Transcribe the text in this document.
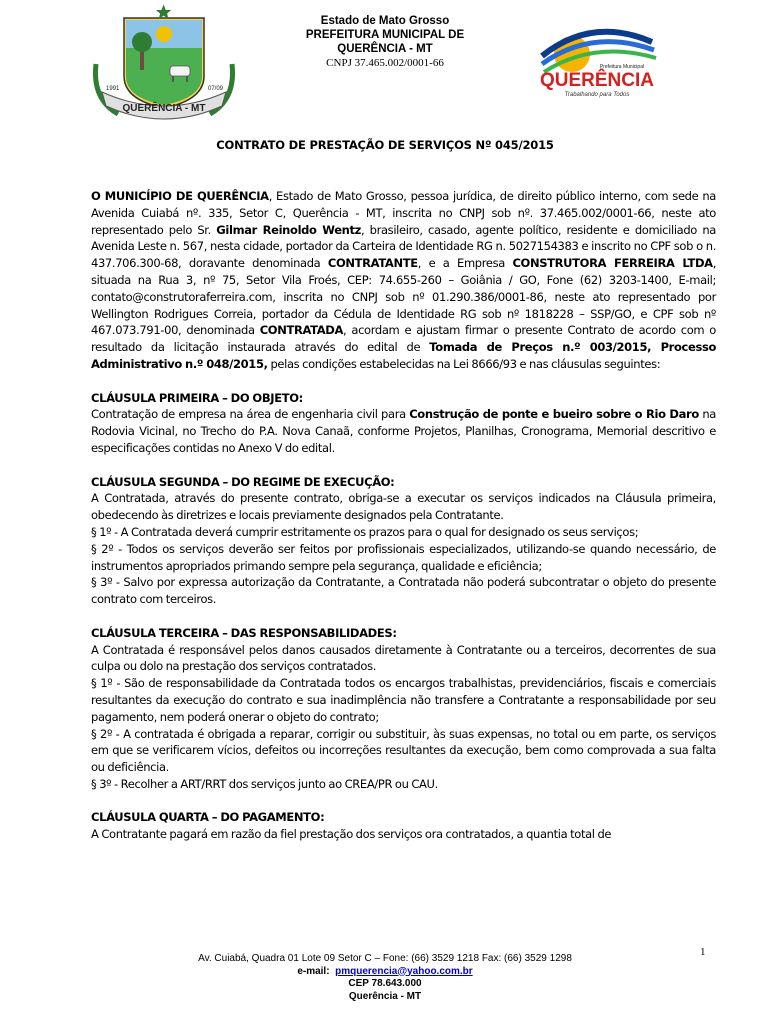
QUERÊNCIA - MT
1991	07/09
Estado de Mato Grosso
PREFEITURA MUNICIPAL DE
QUERÊNCIA - MT
CNPJ 37.465.002/0001-66	Prefeitura Municipal
QUERÊNCIA
Trabalhando para Todos
CONTRATO DE PRESTAÇÃO DE SERVIÇOS Nº 045/2015

O MUNICÍPIO DE QUERÊNCIA, Estado de Mato Grosso, pessoa jurídica, de direito público interno, com sede na Avenida Cuiabá nº. 335, Setor C, Querência - MT, inscrita no CNPJ sob nº. 37.465.002/0001-66, neste ato representado pelo Sr. Gilmar Reinoldo Wentz, brasileiro, casado, agente político, residente e domiciliado na Avenida Leste n. 567, nesta cidade, portador da Carteira de Identidade RG n. 5027154383 e inscrito no CPF sob o n. 437.706.300-68, doravante denominada CONTRATANTE, e a Empresa CONSTRUTORA FERREIRA LTDA, situada na Rua 3, nº 75, Setor Vila Froés, CEP: 74.655-260 – Goiânia / GO, Fone (62) 3203-1400, E-mail; contato@construtoraferreira.com, inscrita no CNPJ sob nº 01.290.386/0001-86, neste ato representado por Wellington Rodrigues Correia, portador da Cédula de Identidade RG sob nº 1818228 – SSP/GO, e CPF sob nº 467.073.791-00, denominada CONTRATADA, acordam e ajustam firmar o presente Contrato de acordo com o resultado da licitação instaurada através do edital de Tomada de Preços n.º 003/2015, Processo Administrativo n.º 048/2015, pelas condições estabelecidas na Lei 8666/93 e nas cláusulas seguintes:

CLÁUSULA PRIMEIRA – DO OBJETO:

Contratação de empresa na área de engenharia civil para Construção de ponte e bueiro sobre o Rio Daro na Rodovia Vicinal, no Trecho do P.A. Nova Canaã, conforme Projetos, Planilhas, Cronograma, Memorial descritivo e especificações contidas no Anexo V do edital.

CLÁUSULA SEGUNDA – DO REGIME DE EXECUÇÃO:

A Contratada, através do presente contrato, obriga-se a executar os serviços indicados na Cláusula primeira, obedecendo às diretrizes e locais previamente designados pela Contratante.

§ 1º - A Contratada deverá cumprir estritamente os prazos para o qual for designado os seus serviços;

§ 2º - Todos os serviços deverão ser feitos por profissionais especializados, utilizando-se quando necessário, de instrumentos apropriados primando sempre pela segurança, qualidade e eficiência;

§ 3º - Salvo por expressa autorização da Contratante, a Contratada não poderá subcontratar o objeto do presente contrato com terceiros.

CLÁUSULA TERCEIRA – DAS RESPONSABILIDADES:

A Contratada é responsável pelos danos causados diretamente à Contratante ou a terceiros, decorrentes de sua culpa ou dolo na prestação dos serviços contratados.

§ 1º - São de responsabilidade da Contratada todos os encargos trabalhistas, previdenciários, fiscais e comerciais resultantes da execução do contrato e sua inadimplência não transfere a Contratante a responsabilidade por seu pagamento, nem poderá onerar o objeto do contrato;

§ 2º - A contratada é obrigada a reparar, corrigir ou substituir, às suas expensas, no total ou em parte, os serviços em que se verificarem vícios, defeitos ou incorreções resultantes da execução, bem como comprovada a sua falta ou deficiência.

§ 3º - Recolher a ART/RRT dos serviços junto ao CREA/PR ou CAU.

CLÁUSULA QUARTA – DO PAGAMENTO:

A Contratante pagará em razão da fiel prestação dos serviços ora contratados, a quantia total de

1
Av. Cuiabá, Quadra 01 Lote 09 Setor C – Fone: (66) 3529 1218 Fax: (66) 3529 1298
e-mail: pmquerencia@yahoo.com.br
CEP 78.643.000
Querência - MT
